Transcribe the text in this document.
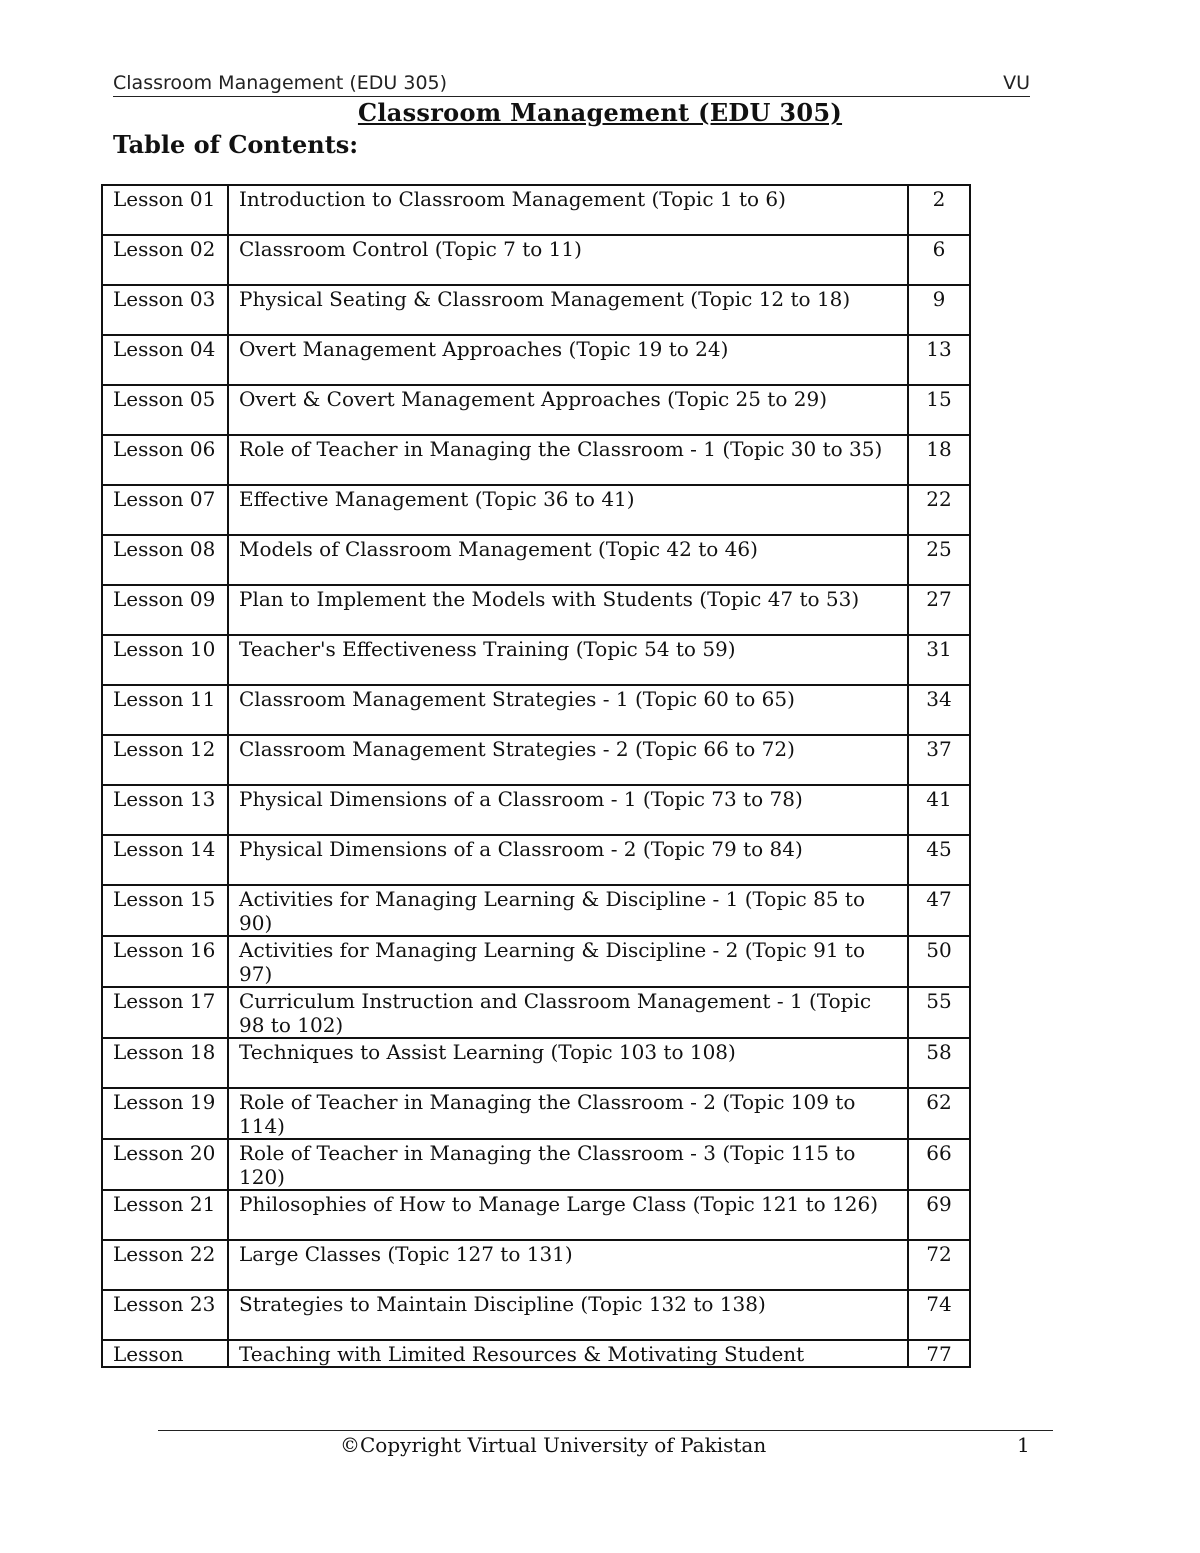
Classroom Management (EDU 305)	VU
Classroom Management (EDU 305)
Table of Contents:
Lesson 01	Introduction to Classroom Management (Topic 1 to 6)	2
Lesson 02	Classroom Control (Topic 7 to 11)	6
Lesson 03	Physical Seating & Classroom Management (Topic 12 to 18)	9
Lesson 04	Overt Management Approaches (Topic 19 to 24)	13
Lesson 05	Overt & Covert Management Approaches (Topic 25 to 29)	15
Lesson 06	Role of Teacher in Managing the Classroom - 1 (Topic 30 to 35)	18
Lesson 07	Effective Management (Topic 36 to 41)	22
Lesson 08	Models of Classroom Management (Topic 42 to 46)	25
Lesson 09	Plan to Implement the Models with Students (Topic 47 to 53)	27
Lesson 10	Teacher's Effectiveness Training (Topic 54 to 59)	31
Lesson 11	Classroom Management Strategies - 1 (Topic 60 to 65)	34
Lesson 12	Classroom Management Strategies - 2 (Topic 66 to 72)	37
Lesson 13	Physical Dimensions of a Classroom - 1 (Topic 73 to 78)	41
Lesson 14	Physical Dimensions of a Classroom - 2 (Topic 79 to 84)	45
Lesson 15	Activities for Managing Learning & Discipline - 1 (Topic 85 to 90)	47
Lesson 16	Activities for Managing Learning & Discipline - 2 (Topic 91 to 97)	50
Lesson 17	Curriculum Instruction and Classroom Management - 1 (Topic 98 to 102)	55
Lesson 18	Techniques to Assist Learning (Topic 103 to 108)	58
Lesson 19	Role of Teacher in Managing the Classroom - 2 (Topic 109 to 114)	62
Lesson 20	Role of Teacher in Managing the Classroom - 3 (Topic 115 to 120)	66
Lesson 21	Philosophies of How to Manage Large Class (Topic 121 to 126)	69
Lesson 22	Large Classes (Topic 127 to 131)	72
Lesson 23	Strategies to Maintain Discipline (Topic 132 to 138)	74
Lesson	Teaching with Limited Resources & Motivating Student	77
©Copyright Virtual University of Pakistan	1
